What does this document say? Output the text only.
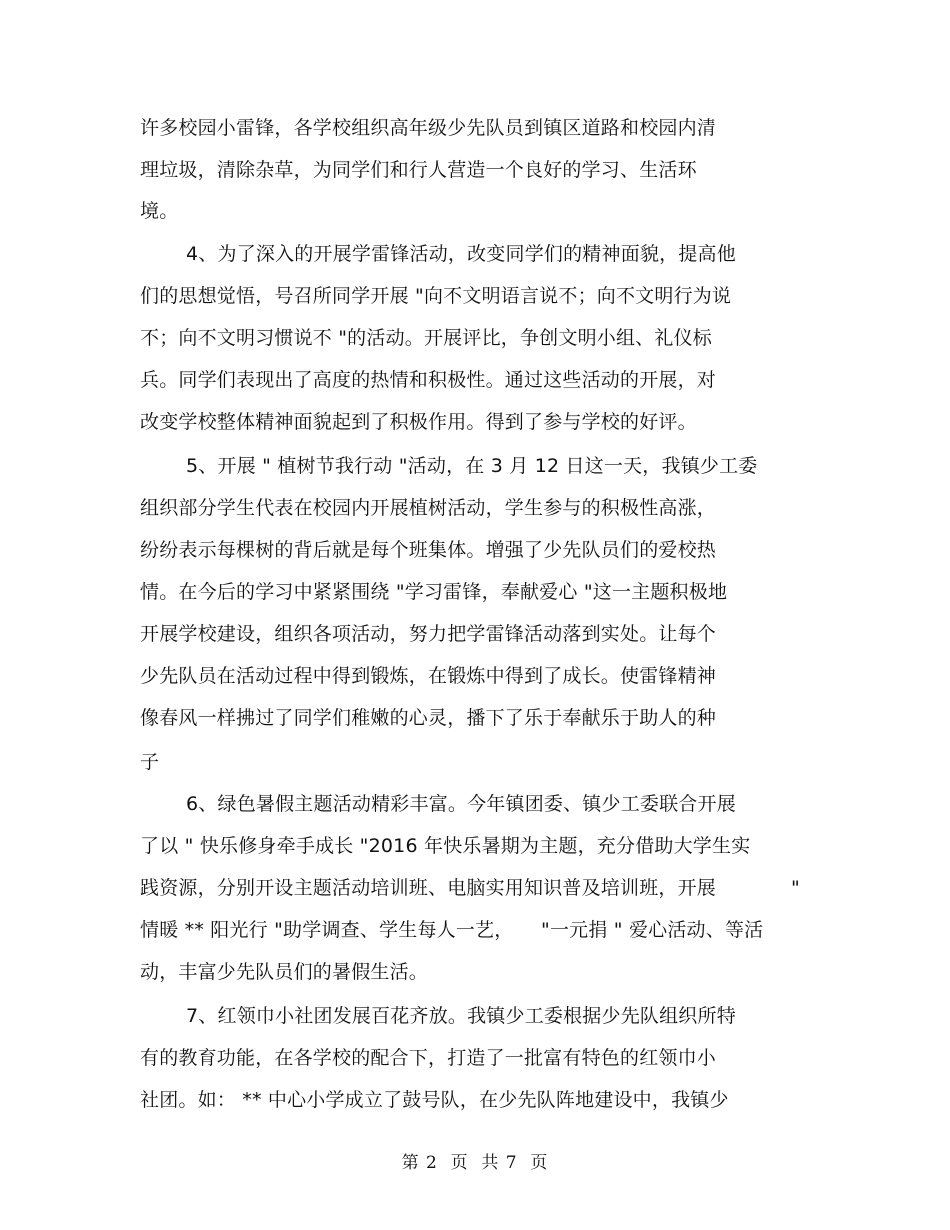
许多校园小雷锋，各学校组织高年级少先队员到镇区道路和校园内清
理垃圾，清除杂草，为同学们和行人营造一个良好的学习、生活环
境。
4、为了深入的开展学雷锋活动，改变同学们的精神面貌，提高他
们的思想觉悟，号召所同学开展 "向不文明语言说不；向不文明行为说
不；向不文明习惯说不 "的活动。开展评比，争创文明小组、礼仪标
兵。同学们表现出了高度的热情和积极性。通过这些活动的开展，对
改变学校整体精神面貌起到了积极作用。得到了参与学校的好评。
5、开展 " 植树节我行动 "活动，在 3 月 12 日这一天，我镇少工委
组织部分学生代表在校园内开展植树活动，学生参与的积极性高涨，
纷纷表示每棵树的背后就是每个班集体。增强了少先队员们的爱校热
情。在今后的学习中紧紧围绕 "学习雷锋，奉献爱心 "这一主题积极地
开展学校建设，组织各项活动，努力把学雷锋活动落到实处。让每个
少先队员在活动过程中得到锻炼，在锻炼中得到了成长。使雷锋精神
像春风一样拂过了同学们稚嫩的心灵，播下了乐于奉献乐于助人的种
子
6、绿色暑假主题活动精彩丰富。今年镇团委、镇少工委联合开展
了以 " 快乐修身牵手成长 "2016 年快乐暑期为主题，充分借助大学生实
践资源，分别开设主题活动培训班、电脑实用知识普及培训班，开展	"
情暖 ** 阳光行 "助学调查、学生每人一艺， "一元捐 " 爱心活动、等活
动，丰富少先队员们的暑假生活。
7、红领巾小社团发展百花齐放。我镇少工委根据少先队组织所特
有的教育功能，在各学校的配合下，打造了一批富有特色的红领巾小
社团。如： ** 中心小学成立了鼓号队，在少先队阵地建设中，我镇少
第 2  页  共 7  页
